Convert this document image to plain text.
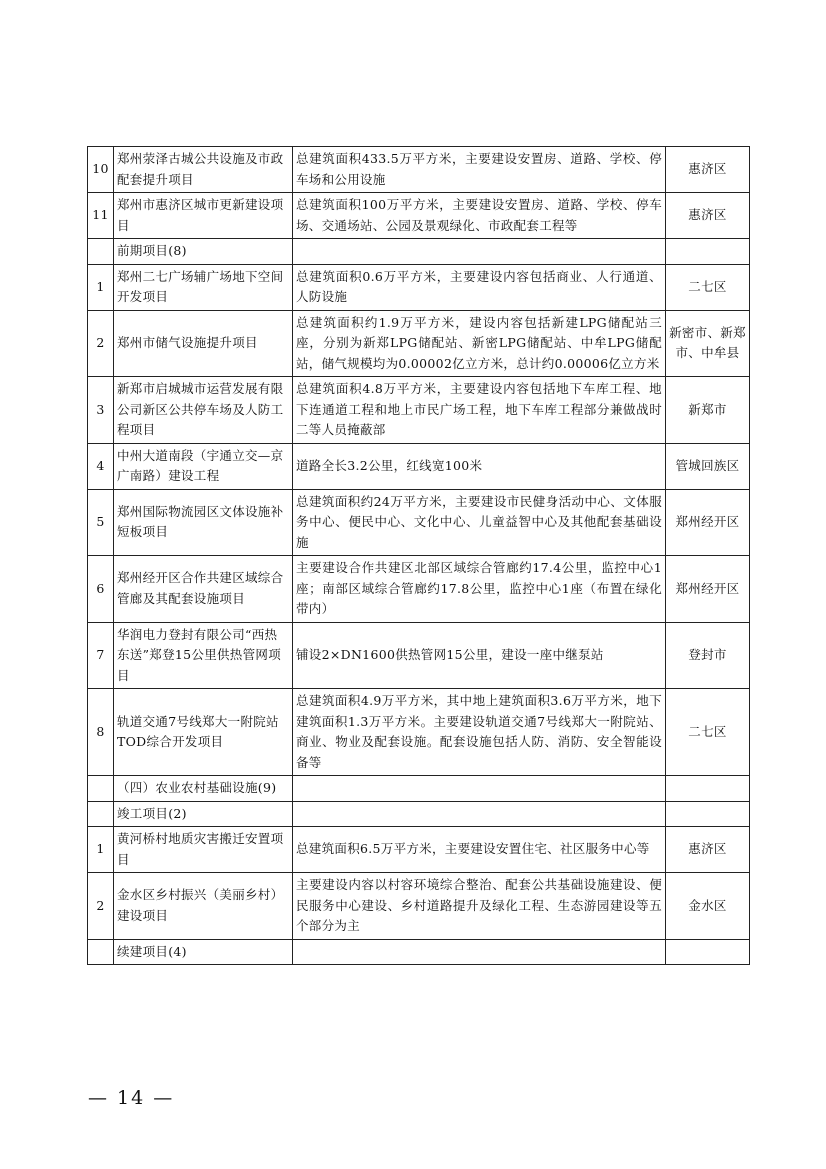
10	郑州荥泽古城公共设施及市政配套提升项目	总建筑面积433.5万平方米，主要建设安置房、道路、学校、停车场和公用设施	惠济区
11	郑州市惠济区城市更新建设项目	总建筑面积100万平方米，主要建设安置房、道路、学校、停车场、交通场站、公园及景观绿化、市政配套工程等	惠济区
	前期项目(8)		
1	郑州二七广场辅广场地下空间开发项目	总建筑面积0.6万平方米，主要建设内容包括商业、人行通道、人防设施	二七区
2	郑州市储气设施提升项目	总建筑面积约1.9万平方米，建设内容包括新建LPG储配站三座，分别为新郑LPG储配站、新密LPG储配站、中牟LPG储配站，储气规模均为0.00002亿立方米，总计约0.00006亿立方米	新密市、新郑市、中牟县
3	新郑市启城城市运营发展有限公司新区公共停车场及人防工程项目	总建筑面积4.8万平方米，主要建设内容包括地下车库工程、地下连通道工程和地上市民广场工程，地下车库工程部分兼做战时二等人员掩蔽部	新郑市
4	中州大道南段（宇通立交—京广南路）建设工程	道路全长3.2公里，红线宽100米	管城回族区
5	郑州国际物流园区文体设施补短板项目	总建筑面积约24万平方米，主要建设市民健身活动中心、文体服务中心、便民中心、文化中心、儿童益智中心及其他配套基础设施	郑州经开区
6	郑州经开区合作共建区域综合管廊及其配套设施项目	主要建设合作共建区北部区域综合管廊约17.4公里，监控中心1座；南部区域综合管廊约17.8公里，监控中心1座（布置在绿化带内）	郑州经开区
7	华润电力登封有限公司“西热东送”郑登15公里供热管网项目	铺设2×DN1600供热管网15公里，建设一座中继泵站	登封市
8	轨道交通7号线郑大一附院站TOD综合开发项目	总建筑面积4.9万平方米，其中地上建筑面积3.6万平方米，地下建筑面积1.3万平方米。主要建设轨道交通7号线郑大一附院站、商业、物业及配套设施。配套设施包括人防、消防、安全智能设备等	二七区
	（四）农业农村基础设施(9)		
	竣工项目(2)		
1	黄河桥村地质灾害搬迁安置项目	总建筑面积6.5万平方米，主要建设安置住宅、社区服务中心等	惠济区
2	金水区乡村振兴（美丽乡村）建设项目	主要建设内容以村容环境综合整治、配套公共基础设施建设、便民服务中心建设、乡村道路提升及绿化工程、生态游园建设等五个部分为主	金水区
	续建项目(4)		
— 14 —
